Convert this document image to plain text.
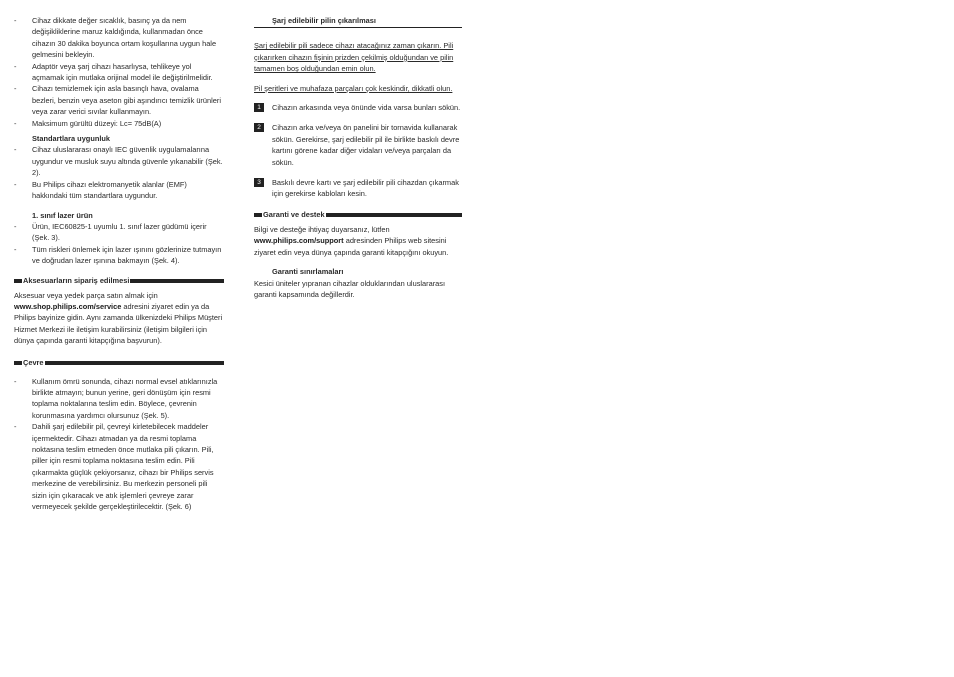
- Cihaz dikkate değer sıcaklık, basınç ya da nem değişikliklerine maruz kaldığında, kullanmadan önce cihazın 30 dakika boyunca ortam koşullarına uygun hale gelmesini bekleyin.
- Adaptör veya şarj cihazı hasarlıysa, tehlikeye yol açmamak için mutlaka orijinal model ile değiştirilmelidir.
- Cihazı temizlemek için asla basınçlı hava, ovalama bezleri, benzin veya aseton gibi aşındırıcı temizlik ürünleri veya zarar verici sıvılar kullanmayın.
- Maksimum gürültü düzeyi: Lc= 75dB(A)
Standartlara uygunluk
- Cihaz uluslararası onaylı IEC güvenlik uygulamalarına uygundur ve musluk suyu altında güvenle yıkanabilir (Şek. 2).
- Bu Philips cihazı elektromanyetik alanlar (EMF) hakkındaki tüm standartlara uygundur.
1. sınıf lazer ürün
- Ürün, IEC60825-1 uyumlu 1. sınıf lazer güdümü içerir (Şek. 3).
- Tüm riskleri önlemek için lazer ışınını gözlerinize tutmayın ve doğrudan lazer ışınına bakmayın (Şek. 4).
Aksesuarların sipariş edilmesi

Aksesuar veya yedek parça satın almak için

www.shop.philips.com/service adresini ziyaret edin ya da Philips bayinize gidin. Aynı zamanda ülkenizdeki Philips Müşteri Hizmet Merkezi ile iletişim kurabilirsiniz (iletişim bilgileri için dünya çapında garanti kitapçığına başvurun).

Çevre
- Kullanım ömrü sonunda, cihazı normal evsel atıklarınızla birlikte atmayın; bunun yerine, geri dönüşüm için resmi toplama noktalarına teslim edin. Böylece, çevrenin korunmasına yardımcı olursunuz (Şek. 5).
- Dahili şarj edilebilir pil, çevreyi kirletebilecek maddeler içermektedir. Cihazı atmadan ya da resmi toplama noktasına teslim etmeden önce mutlaka pili çıkarın. Pili, piller için resmi toplama noktasına teslim edin. Pili çıkarmakta güçlük çekiyorsanız, cihazı bir Philips servis merkezine de verebilirsiniz. Bu merkezin personeli pili sizin için çıkaracak ve atık işlemleri çevreye zarar vermeyecek şekilde gerçekleştirilecektir. (Şek. 6)
Şarj edilebilir pilin çıkarılması

Şarj edilebilir pili sadece cihazı atacağınız zaman çıkarın. Pili çıkarırken cihazın fişinin prizden çekilmiş olduğundan ve pilin tamamen boş olduğundan emin olun.

Pil şeritleri ve muhafaza parçaları çok keskindir, dikkatli olun.

1	Cihazın arkasında veya önünde vida varsa bunları sökün.
2	Cihazın arka ve/veya ön panelini bir tornavida kullanarak sökün. Gerekirse, şarj edilebilir pil ile birlikte baskılı devre kartını görene kadar diğer vidaları ve/veya parçaları da sökün.
3	Baskılı devre kartı ve şarj edilebilir pili cihazdan çıkarmak için gerekirse kabloları kesin.
Garanti ve destek

Bilgi ve desteğe ihtiyaç duyarsanız, lütfen www.philips.com/support adresinden Philips web sitesini ziyaret edin veya dünya çapında garanti kitapçığını okuyun.

Garanti sınırlamaları

Kesici üniteler yıpranan cihazlar olduklarından uluslararası garanti kapsamında değillerdir.
